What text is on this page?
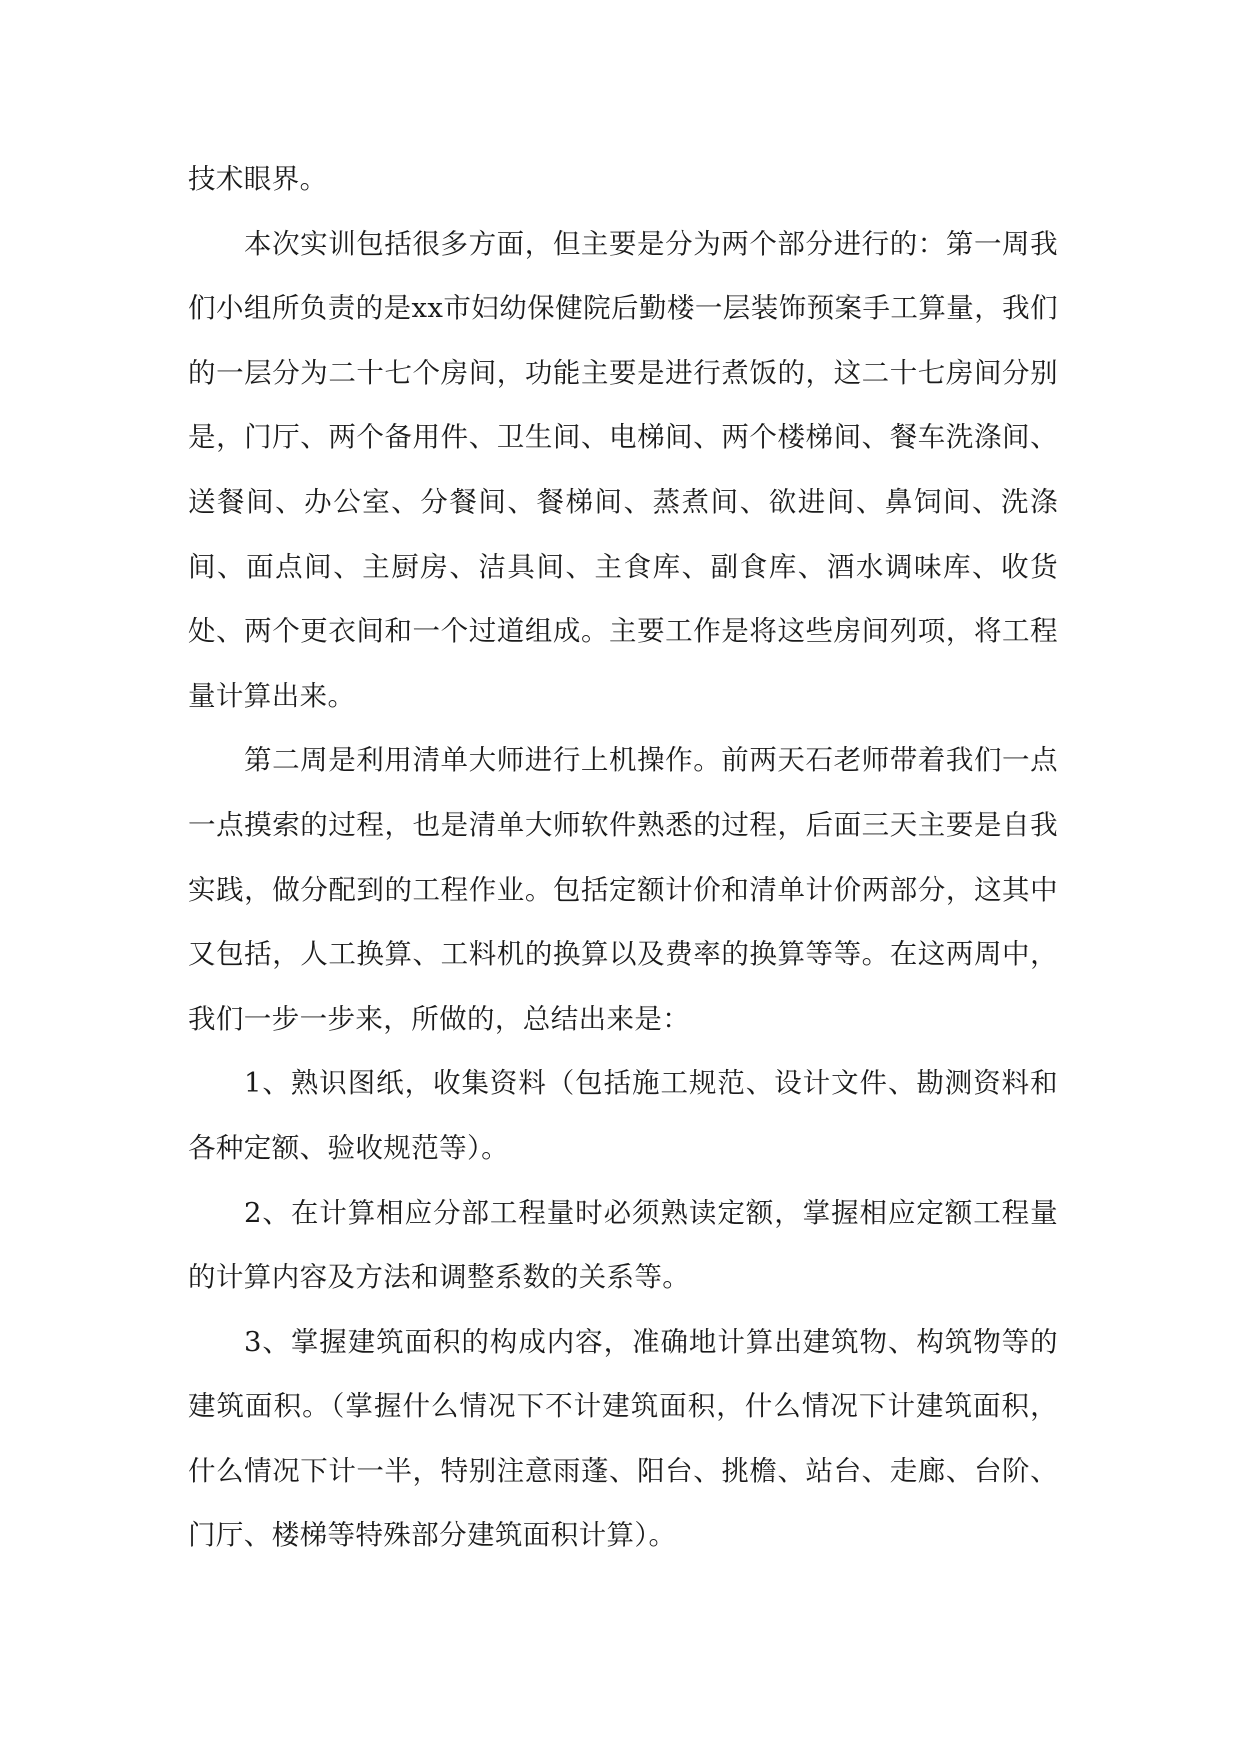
技术眼界。

本次实训包括很多方面，但主要是分为两个部分进行的：第一周我们小组所负责的是xx市妇幼保健院后勤楼一层装饰预案手工算量，我们的一层分为二十七个房间，功能主要是进行煮饭的，这二十七房间分别是，门厅、两个备用件、卫生间、电梯间、两个楼梯间、餐车洗涤间、送餐间、办公室、分餐间、餐梯间、蒸煮间、欲进间、鼻饲间、洗涤间、面点间、主厨房、洁具间、主食库、副食库、酒水调味库、收货处、两个更衣间和一个过道组成。主要工作是将这些房间列项，将工程量计算出来。

第二周是利用清单大师进行上机操作。前两天石老师带着我们一点一点摸索的过程，也是清单大师软件熟悉的过程，后面三天主要是自我实践，做分配到的工程作业。包括定额计价和清单计价两部分，这其中又包括，人工换算、工料机的换算以及费率的换算等等。在这两周中，我们一步一步来，所做的，总结出来是：

1、熟识图纸，收集资料（包括施工规范、设计文件、勘测资料和各种定额、验收规范等）。

2、在计算相应分部工程量时必须熟读定额，掌握相应定额工程量的计算内容及方法和调整系数的关系等。

3、掌握建筑面积的构成内容，准确地计算出建筑物、构筑物等的建筑面积。（掌握什么情况下不计建筑面积，什么情况下计建筑面积，什么情况下计一半，特别注意雨蓬、阳台、挑檐、站台、走廊、台阶、门厅、楼梯等特殊部分建筑面积计算）。
